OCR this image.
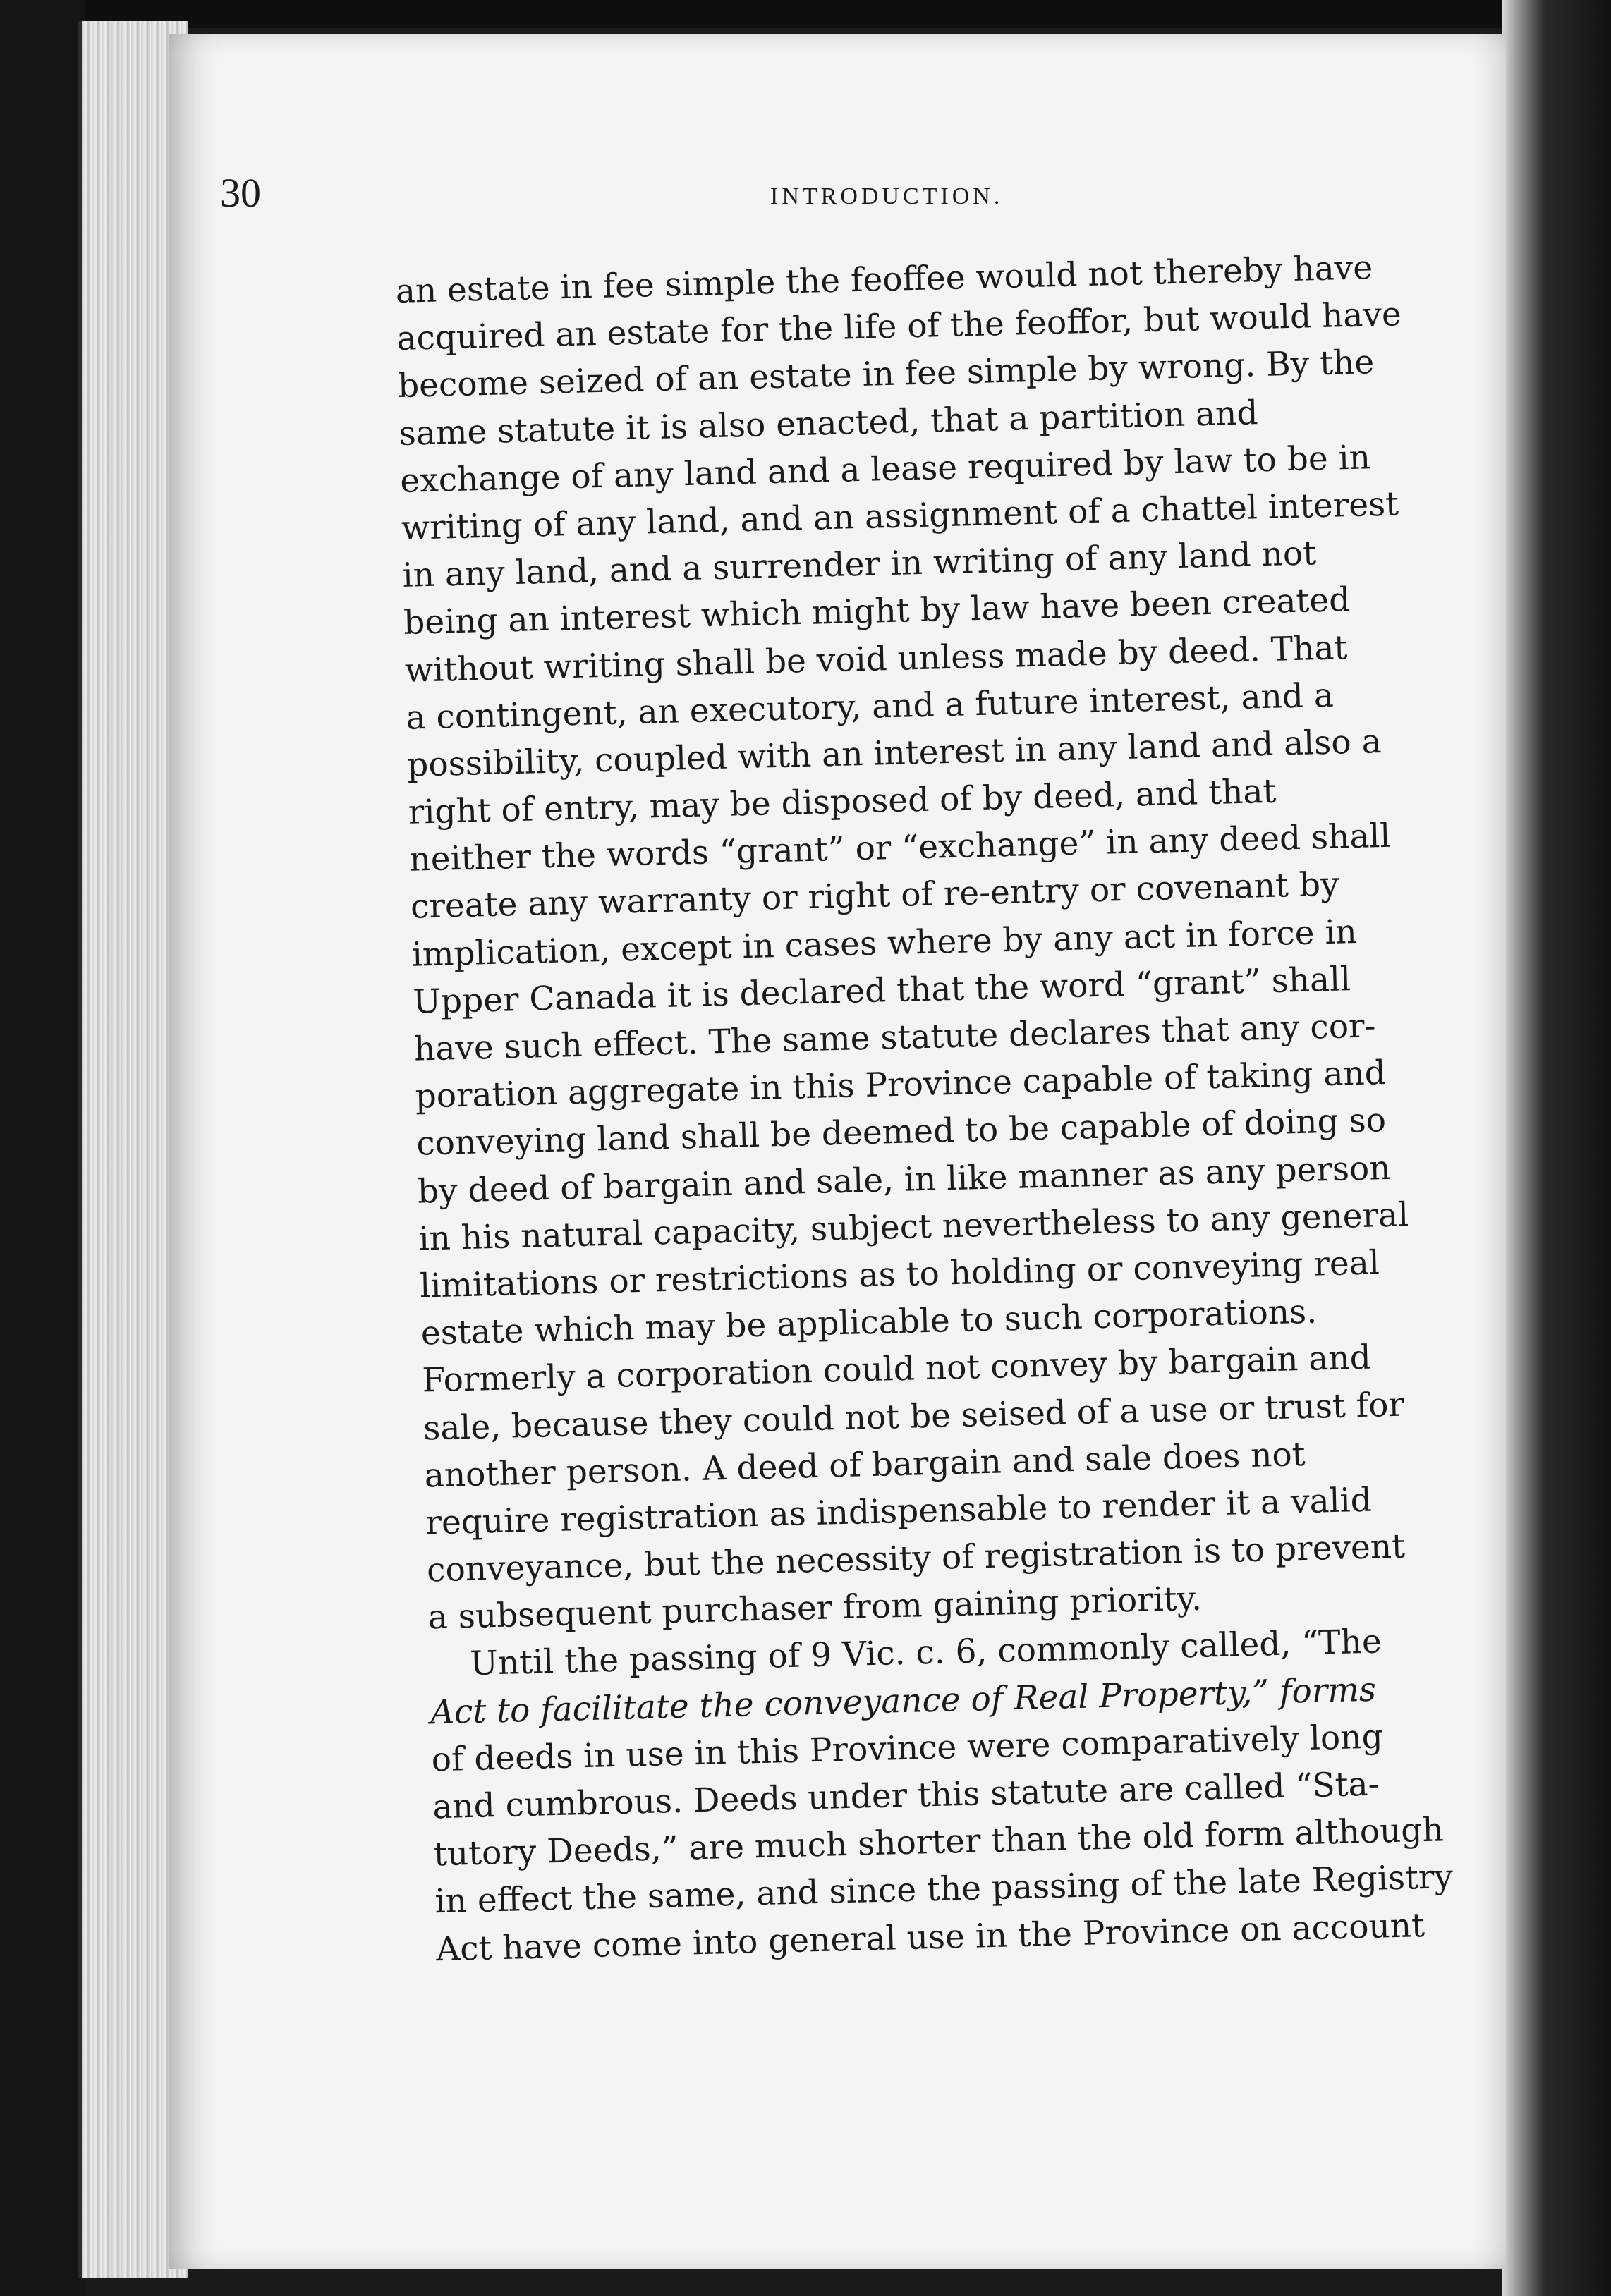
30	INTRODUCTION.
an estate in fee simple the feoffee would not thereby have
acquired an estate for the life of the feoffor, but would have
become seized of an estate in fee simple by wrong. By the
same statute it is also enacted, that a partition and
exchange of any land and a lease required by law to be in
writing of any land, and an assignment of a chattel interest
in any land, and a surrender in writing of any land not
being an interest which might by law have been created
without writing shall be void unless made by deed. That
a contingent, an executory, and a future interest, and a
possibility, coupled with an interest in any land and also a
right of entry, may be disposed of by deed, and that
neither the words “grant” or “exchange” in any deed shall
create any warranty or right of re-entry or covenant by
implication, except in cases where by any act in force in
Upper Canada it is declared that the word “grant” shall
have such effect. The same statute declares that any cor-
poration aggregate in this Province capable of taking and
conveying land shall be deemed to be capable of doing so
by deed of bargain and sale, in like manner as any person
in his natural capacity, subject nevertheless to any general
limitations or restrictions as to holding or conveying real
estate which may be applicable to such corporations.
Formerly a corporation could not convey by bargain and
sale, because they could not be seised of a use or trust for
another person. A deed of bargain and sale does not
require registration as indispensable to render it a valid
conveyance, but the necessity of registration is to prevent
a subsequent purchaser from gaining priority.
Until the passing of 9 Vic. c. 6, commonly called, “The
Act to facilitate the conveyance of Real Property,” forms
of deeds in use in this Province were comparatively long
and cumbrous. Deeds under this statute are called “Sta-
tutory Deeds,” are much shorter than the old form although
in effect the same, and since the passing of the late Registry
Act have come into general use in the Province on account
